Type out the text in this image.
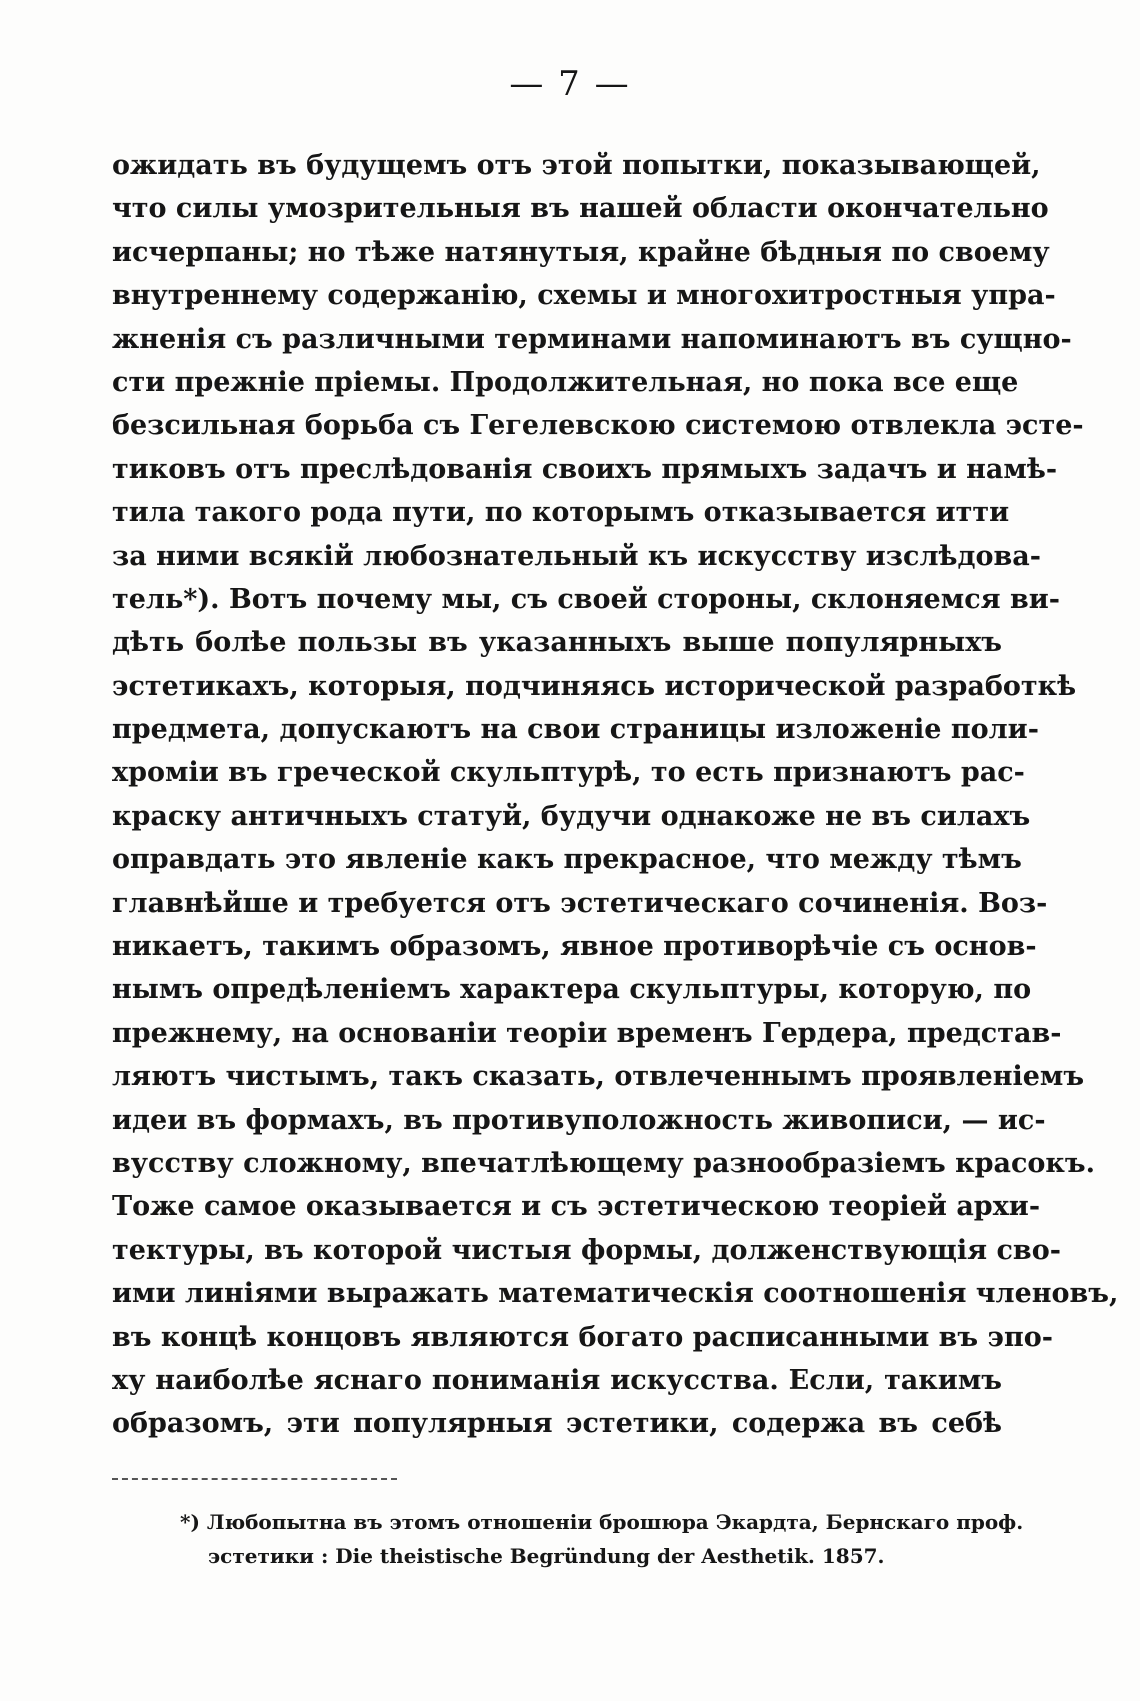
— 7 —
ожидать въ будущемъ отъ этой попытки, показывающей,
что силы умозрительныя въ нашей области окончательно
исчерпаны; но тѣже натянутыя, крайне бѣдныя по своему
внутреннему содержанію, схемы и многохитростныя упра-
жненія съ различными терминами напоминаютъ въ сущно-
сти прежніе пріемы. Продолжительная, но пока все еще
безсильная борьба съ Гегелевскою системою отвлекла эсте-
тиковъ отъ преслѣдованія своихъ прямыхъ задачъ и намѣ-
тила такого рода пути, по которымъ отказывается итти
за ними всякій любознательный къ искусству изслѣдова-
тель*). Вотъ почему мы, съ своей стороны, склоняемся ви-
дѣть болѣе пользы въ указанныхъ выше популярныхъ
эстетикахъ, которыя, подчиняясь исторической разработкѣ
предмета, допускаютъ на свои страницы изложеніе поли-
хроміи въ греческой скульптурѣ, то есть признаютъ рас-
краску античныхъ статуй, будучи однакоже не въ силахъ
оправдать это явленіе какъ прекрасное, что между тѣмъ
главнѣйше и требуется отъ эстетическаго сочиненія. Воз-
никаетъ, такимъ образомъ, явное противорѣчіе съ основ-
нымъ опредѣленіемъ характера скульптуры, которую, по
прежнему, на основаніи теоріи временъ Гердера, представ-
ляютъ чистымъ, такъ сказать, отвлеченнымъ проявленіемъ
идеи въ формахъ, въ противуположность живописи, — ис-
вусству сложному, впечатлѣющему разнообразіемъ красокъ.
Тоже самое оказывается и съ эстетическою теоріей архи-
тектуры, въ которой чистыя формы, долженствующія сво-
ими линіями выражать математическія соотношенія членовъ,
въ концѣ концовъ являются богато расписанными въ эпо-
ху наиболѣе яснаго пониманія искусства. Если, такимъ
образомъ, эти популярныя эстетики, содержа въ себѣ
*) Любопытна въ этомъ отношеніи брошюра Экардта, Бернскаго проф.
эстетики : Die theistische Begründung der Aesthetik. 1857.
